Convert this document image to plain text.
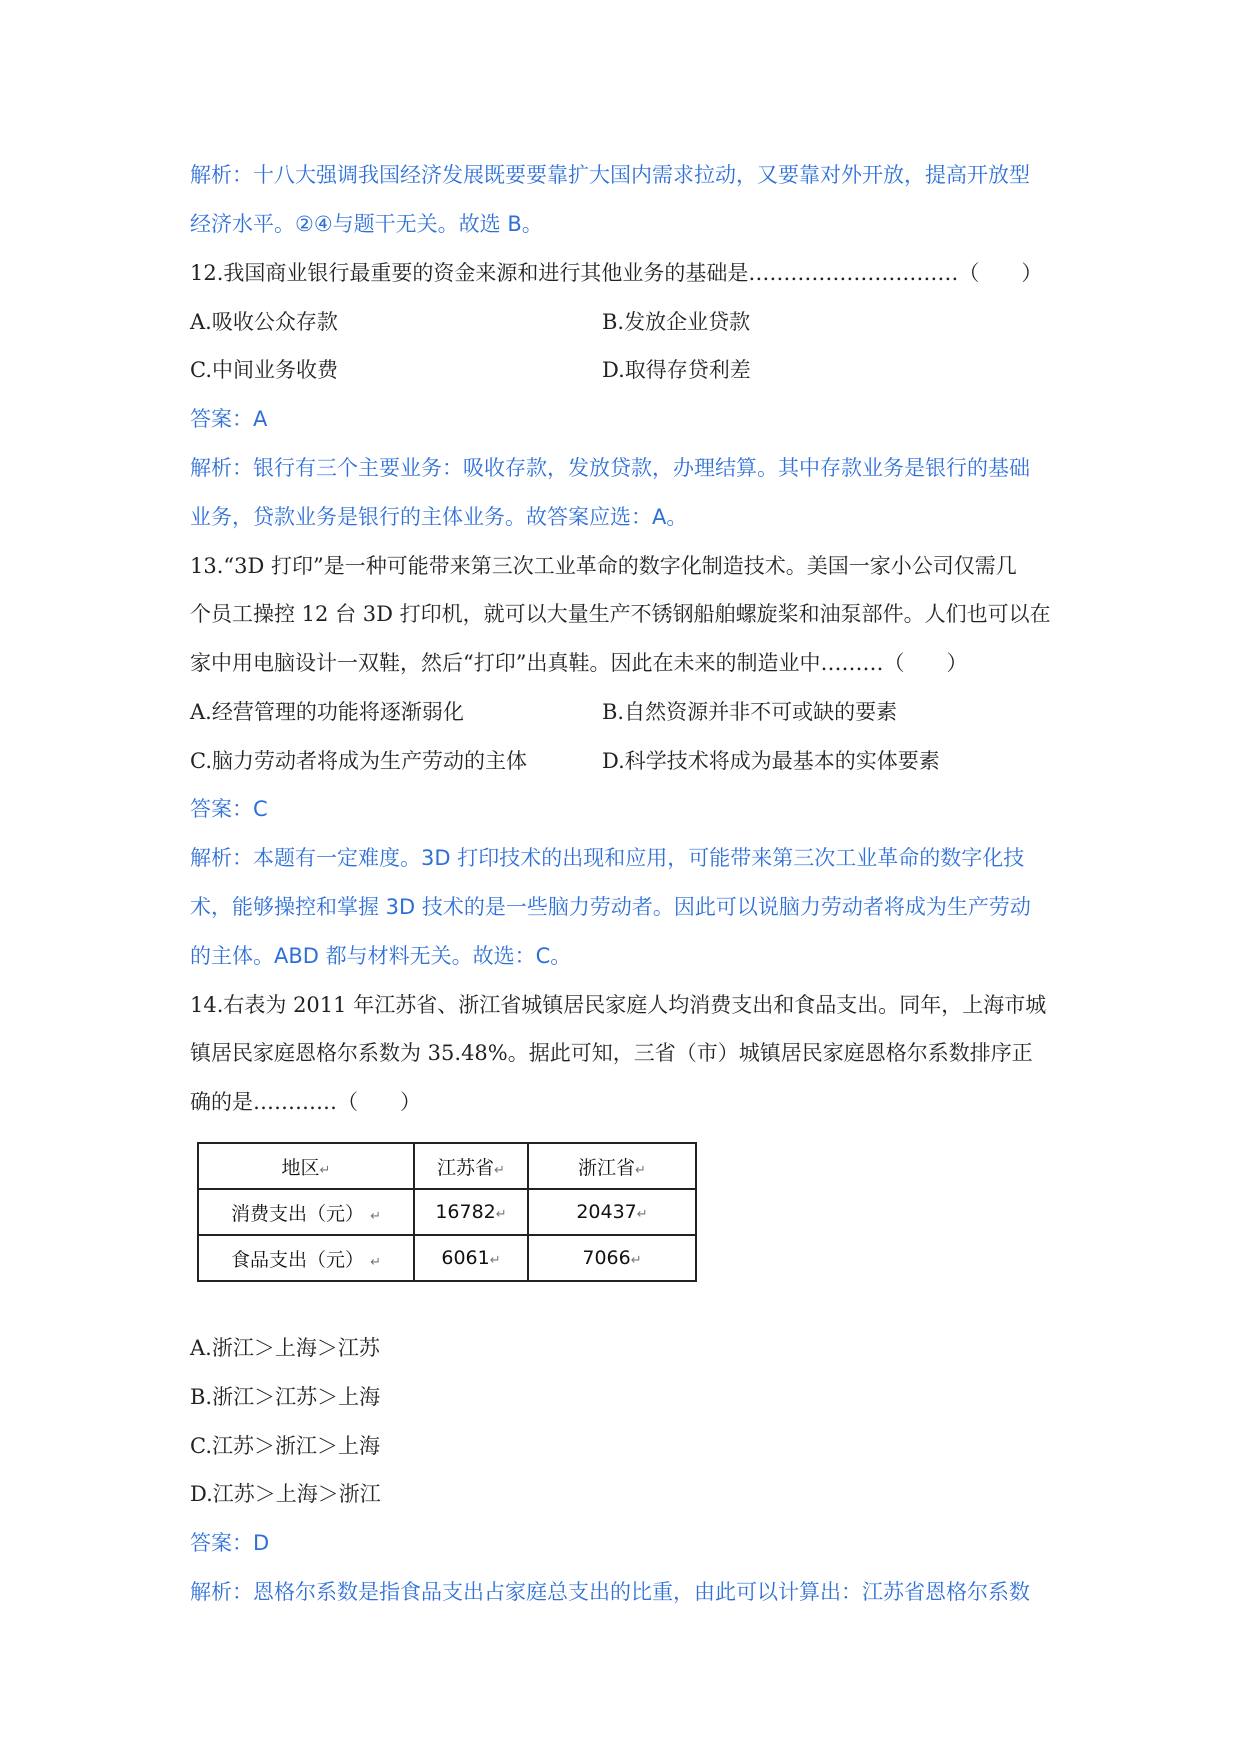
解析：十八大强调我国经济发展既要要靠扩大国内需求拉动，又要靠对外开放，提高开放型
经济水平。②④与题干无关。故选 B。
12.我国商业银行最重要的资金来源和进行其他业务的基础是…………………………（　　）
A.吸收公众存款	B.发放企业贷款
C.中间业务收费	D.取得存贷利差
答案：A
解析：银行有三个主要业务：吸收存款，发放贷款，办理结算。其中存款业务是银行的基础
业务，贷款业务是银行的主体业务。故答案应选：A。
13.“3D 打印”是一种可能带来第三次工业革命的数字化制造技术。美国一家小公司仅需几
个员工操控 12 台 3D 打印机，就可以大量生产不锈钢船舶螺旋桨和油泵部件。人们也可以在
家中用电脑设计一双鞋，然后“打印”出真鞋。因此在未来的制造业中………（　　）
A.经营管理的功能将逐渐弱化	B.自然资源并非不可或缺的要素
C.脑力劳动者将成为生产劳动的主体	D.科学技术将成为最基本的实体要素
答案：C
解析：本题有一定难度。3D 打印技术的出现和应用，可能带来第三次工业革命的数字化技
术，能够操控和掌握 3D 技术的是一些脑力劳动者。因此可以说脑力劳动者将成为生产劳动
的主体。ABD 都与材料无关。故选：C。
14.右表为 2011 年江苏省、浙江省城镇居民家庭人均消费支出和食品支出。同年，上海市城
镇居民家庭恩格尔系数为 35.48%。据此可知，三省（市）城镇居民家庭恩格尔系数排序正
确的是…………（　　）
地区↵	江苏省↵	浙江省↵
消费支出（元） ↵	16782↵	20437↵
食品支出（元） ↵	6061↵	7066↵
A.浙江＞上海＞江苏
B.浙江＞江苏＞上海
C.江苏＞浙江＞上海
D.江苏＞上海＞浙江
答案：D
解析：恩格尔系数是指食品支出占家庭总支出的比重，由此可以计算出：江苏省恩格尔系数
